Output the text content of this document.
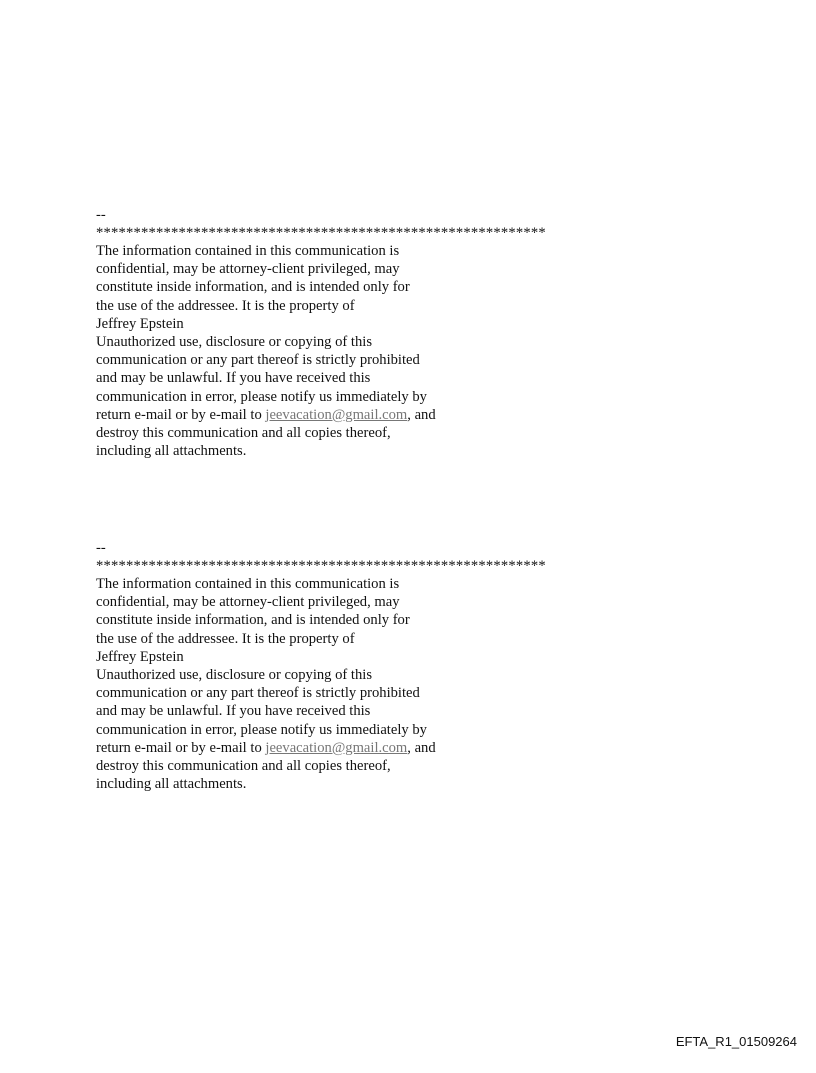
--
************************************************************
The information contained in this communication is
confidential, may be attorney-client privileged, may
constitute inside information, and is intended only for
the use of the addressee. It is the property of
Jeffrey Epstein
Unauthorized use, disclosure or copying of this
communication or any part thereof is strictly prohibited
and may be unlawful. If you have received this
communication in error, please notify us immediately by
return e-mail or by e-mail to jeevacation@gmail.com, and
destroy this communication and all copies thereof,
including all attachments.
--
************************************************************
The information contained in this communication is
confidential, may be attorney-client privileged, may
constitute inside information, and is intended only for
the use of the addressee. It is the property of
Jeffrey Epstein
Unauthorized use, disclosure or copying of this
communication or any part thereof is strictly prohibited
and may be unlawful. If you have received this
communication in error, please notify us immediately by
return e-mail or by e-mail to jeevacation@gmail.com, and
destroy this communication and all copies thereof,
including all attachments.
EFTA_R1_01509264
